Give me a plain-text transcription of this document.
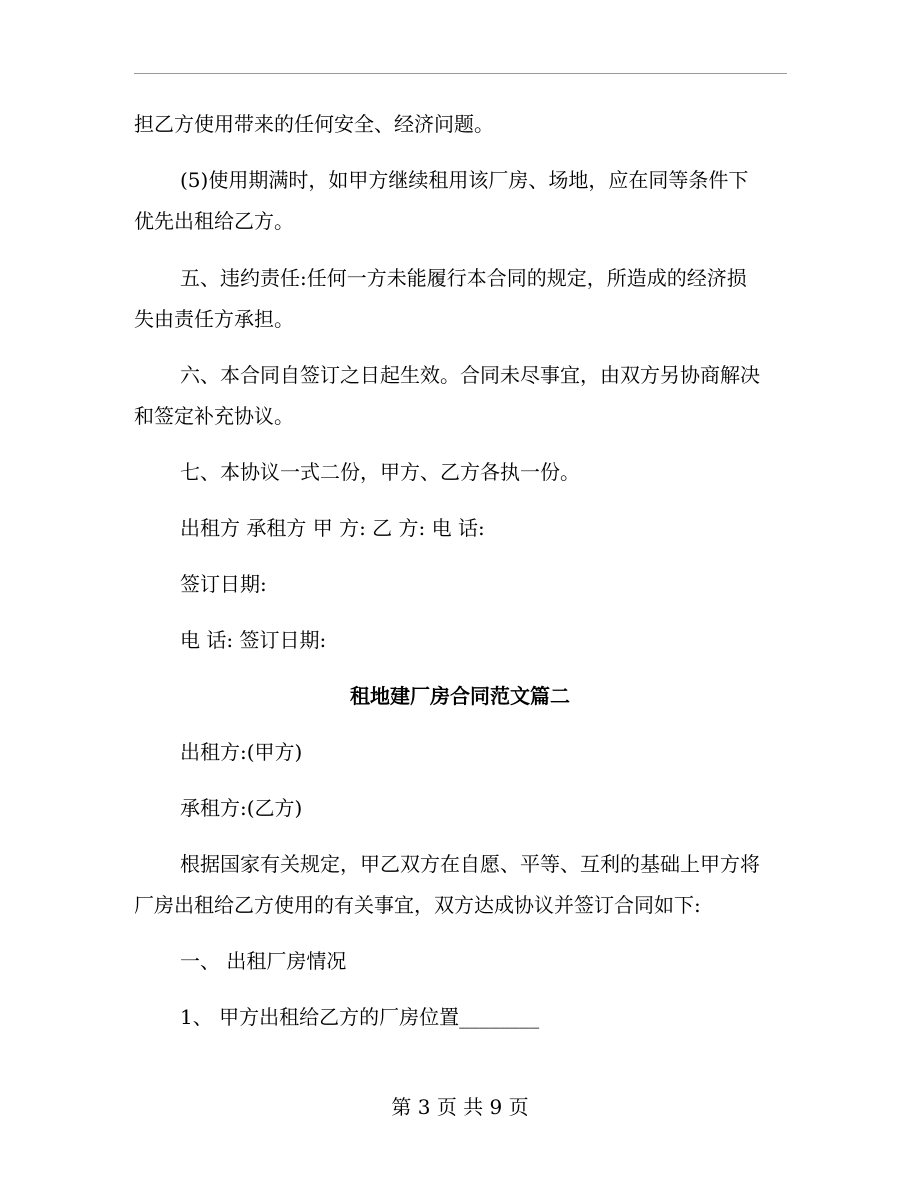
担乙方使用带来的任何安全、经济问题。
(5)使用期满时，如甲方继续租用该厂房、场地，应在同等条件下
优先出租给乙方。
五、违约责任:任何一方未能履行本合同的规定，所造成的经济损
失由责任方承担。
六、本合同自签订之日起生效。合同未尽事宜，由双方另协商解决
和签定补充协议。
七、本协议一式二份，甲方、乙方各执一份。
出租方 承租方 甲 方: 乙 方: 电 话:
签订日期:
电 话: 签订日期:
租地建厂房合同范文篇二
出租方:(甲方)
承租方:(乙方)
根据国家有关规定，甲乙双方在自愿、平等、互利的基础上甲方将
厂房出租给乙方使用的有关事宜，双方达成协议并签订合同如下:
一、 出租厂房情况
1、 甲方出租给乙方的厂房位置________
第 3 页 共 9 页
